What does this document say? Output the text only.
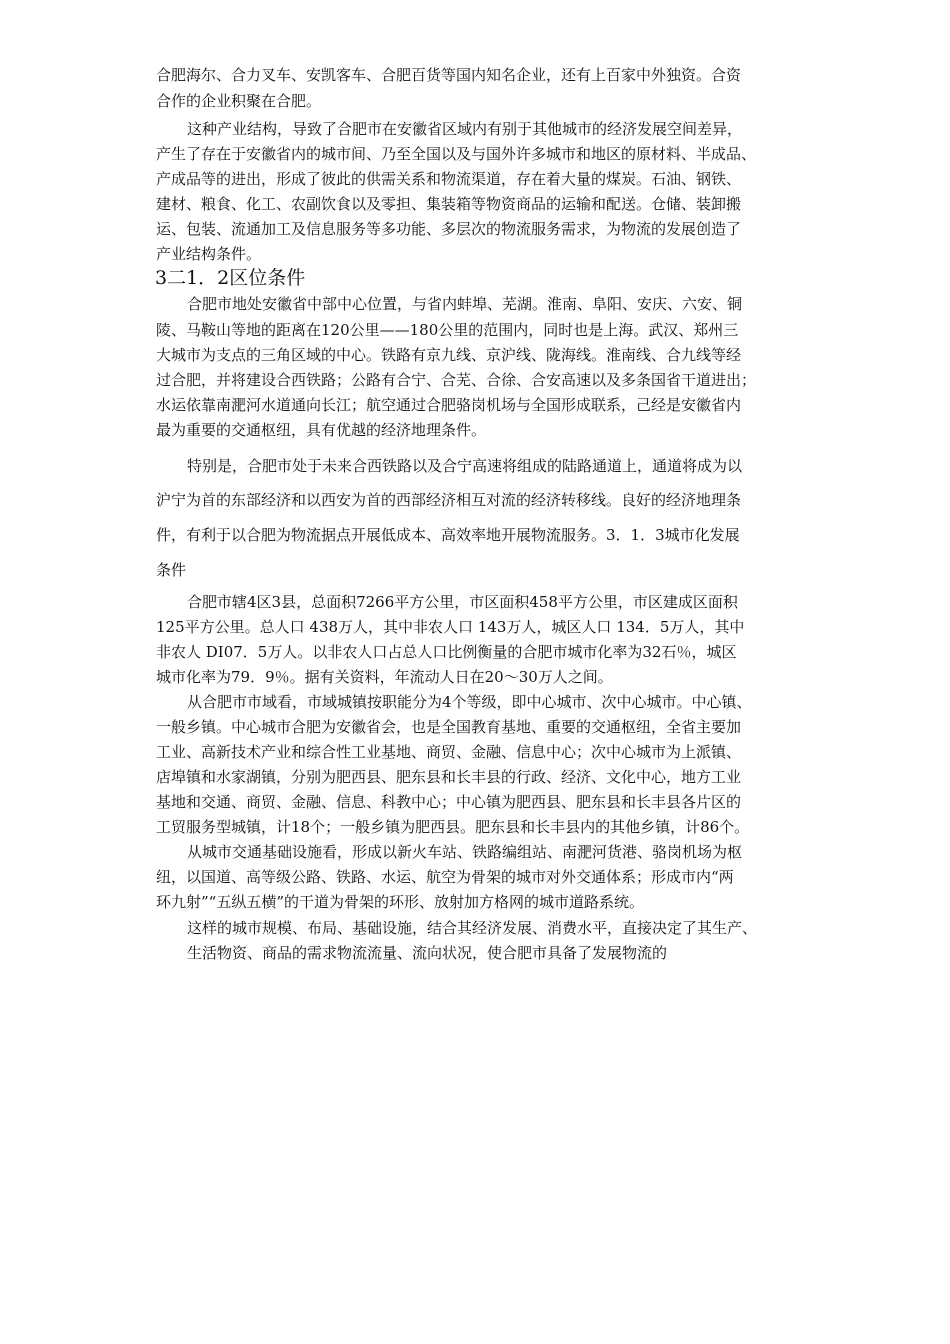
合肥海尔、合力叉车、安凯客车、合肥百货等国内知名企业，还有上百家中外独资。合资
合作的企业积聚在合肥。
这种产业结构，导致了合肥市在安徽省区域内有别于其他城市的经济发展空间差异，
产生了存在于安徽省内的城市间、乃至全国以及与国外许多城市和地区的原材料、半成品、
产成品等的进出，形成了彼此的供需关系和物流渠道，存在着大量的煤炭。石油、钢铁、
建材、粮食、化工、农副饮食以及零担、集装箱等物资商品的运输和配送。仓储、装卸搬
运、包装、流通加工及信息服务等多功能、多层次的物流服务需求，为物流的发展创造了
产业结构条件。
3二1．2区位条件
合肥市地处安徽省中部中心位置，与省内蚌埠、芜湖。淮南、阜阳、安庆、六安、铜
陵、马鞍山等地的距离在120公里——180公里的范围内，同时也是上海。武汉、郑州三
大城市为支点的三角区域的中心。铁路有京九线、京沪线、陇海线。淮南线、合九线等经
过合肥，并将建设合西铁路；公路有合宁、合芜、合徐、合安高速以及多条国省干道进出；
水运依靠南淝河水道通向长江；航空通过合肥骆岗机场与全国形成联系，己经是安徽省内
最为重要的交通枢纽，具有优越的经济地理条件。
特别是，合肥市处于未来合西铁路以及合宁高速将组成的陆路通道上，通道将成为以
沪宁为首的东部经济和以西安为首的西部经济相互对流的经济转移线。良好的经济地理条
件，有利于以合肥为物流据点开展低成本、高效率地开展物流服务。3．1．3城市化发展
条件
合肥市辖4区3县，总面积7266平方公里，市区面积458平方公里，市区建成区面积
125平方公里。总人口 438万人，其中非农人口 143万人，城区人口 134．5万人，其中
非农人 DI07．5万人。以非农人口占总人口比例衡量的合肥市城市化率为32石％，城区
城市化率为79．9％。据有关资料，年流动人日在20～30万人之间。
从合肥市市域看，市域城镇按职能分为4个等级，即中心城市、次中心城市。中心镇、
一般乡镇。中心城市合肥为安徽省会，也是全国教育基地、重要的交通枢纽，全省主要加
工业、高新技术产业和综合性工业基地、商贸、金融、信息中心；次中心城市为上派镇、
店埠镇和水家湖镇，分别为肥西县、肥东县和长丰县的行政、经济、文化中心，地方工业
基地和交通、商贸、金融、信息、科教中心；中心镇为肥西县、肥东县和长丰县各片区的
工贸服务型城镇，计18个；一般乡镇为肥西县。肥东县和长丰县内的其他乡镇，计86个。
从城市交通基础设施看，形成以新火车站、铁路编组站、南淝河货港、骆岗机场为枢
纽，以国道、高等级公路、铁路、水运、航空为骨架的城市对外交通体系；形成市内“两
环九射”“五纵五横”的干道为骨架的环形、放射加方格网的城市道路系统。
这样的城市规模、布局、基础设施，结合其经济发展、消费水平，直接决定了其生产、
生活物资、商品的需求物流流量、流向状况，使合肥市具备了发展物流的
